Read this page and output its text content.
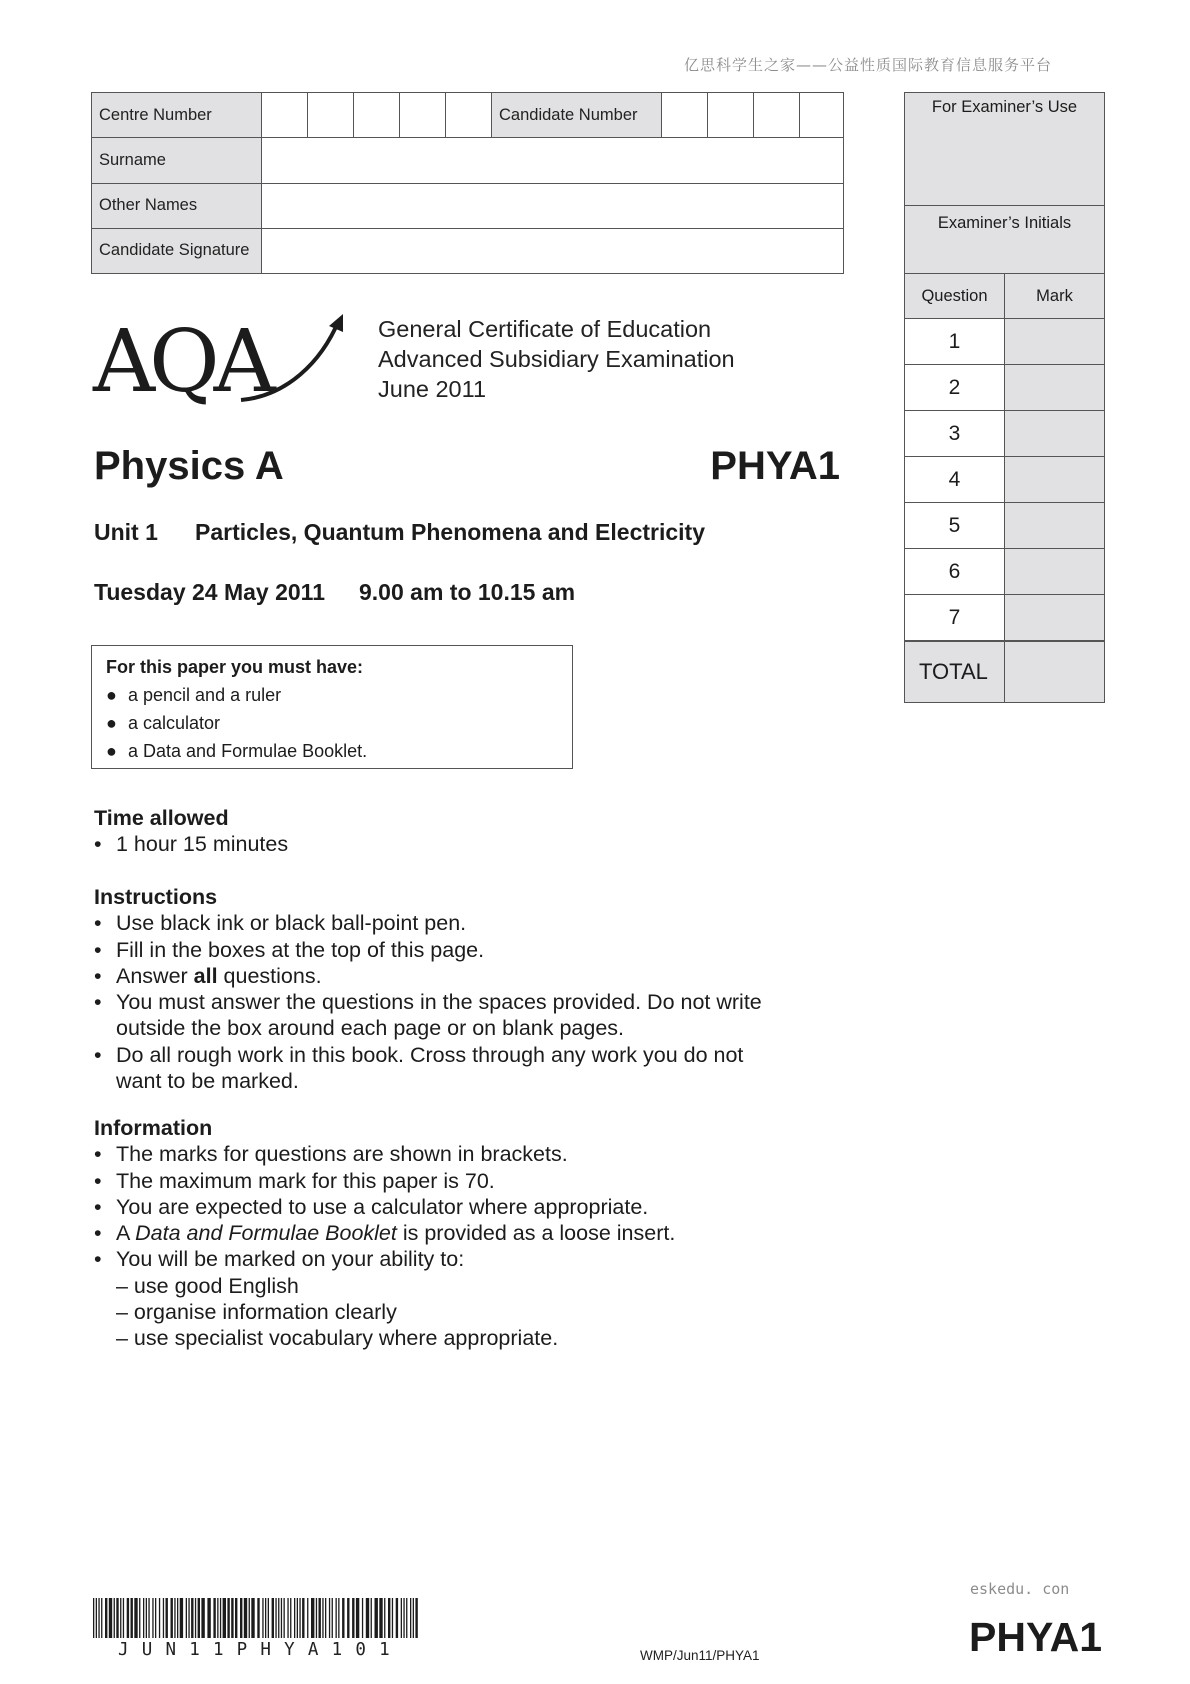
亿思科学生之家——公益性质国际教育信息服务平台
Centre Number						Candidate Number				
Surname										
Other Names										
Candidate Signature										
For Examiner’s Use
Examiner’s Initials
Question	Mark
1	
2	
3	
4	
5	
6	
7	
TOTAL	
AQA	General Certificate of Education
Advanced Subsidiary Examination
June 2011
Physics A	PHYA1
Unit 1 Particles, Quantum Phenomena and Electricity
Tuesday 24 May 2011 9.00 am to 10.15 am
For this paper you must have:
● a pencil and a ruler
● a calculator
● a Data and Formulae Booklet.
Time allowed
• 1 hour 15 minutes
Instructions
• Use black ink or black ball-point pen.
• Fill in the boxes at the top of this page.
• Answer all questions.
• You must answer the questions in the spaces provided. Do not write
outside the box around each page or on blank pages.
• Do all rough work in this book. Cross through any work you do not
want to be marked.
Information
• The marks for questions are shown in brackets.
• The maximum mark for this paper is 70.
• You are expected to use a calculator where appropriate.
• A Data and Formulae Booklet is provided as a loose insert.
• You will be marked on your ability to:
– use good English
– organise information clearly
– use specialist vocabulary where appropriate.
JUN11PHYA101	WMP/Jun11/PHYA1
eskedu. con
PHYA1
